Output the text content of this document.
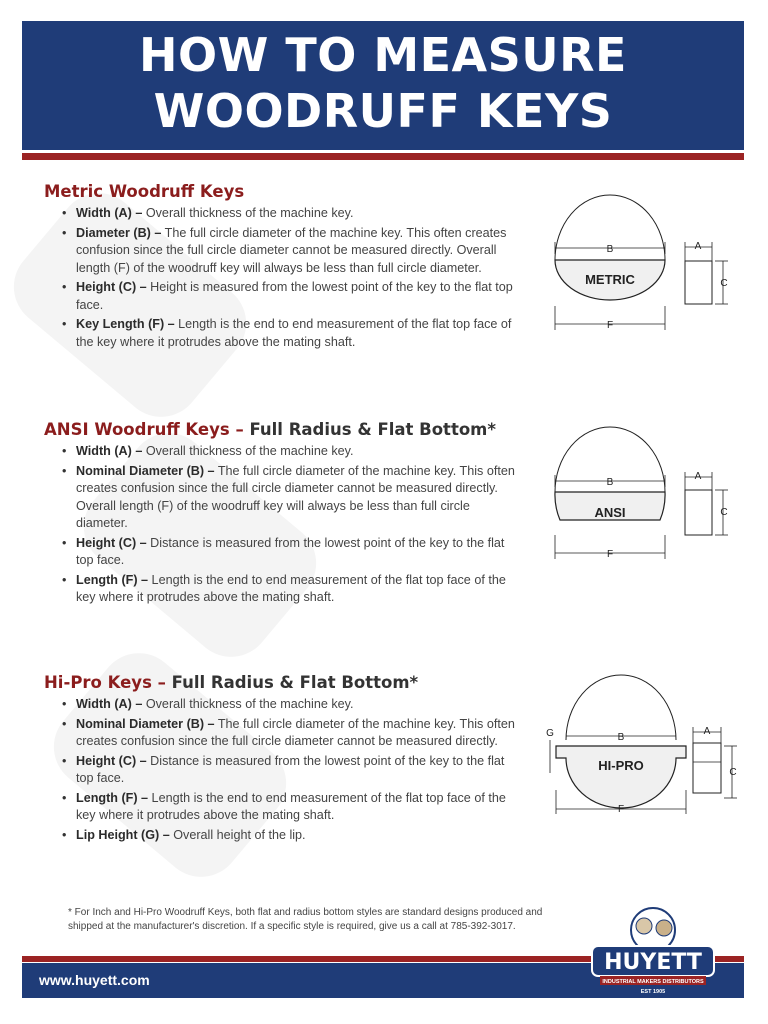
HOW TO MEASURE
WOODRUFF KEYS
Metric Woodruff Keys
• Width (A) – Overall thickness of the machine key.
• Diameter (B) – The full circle diameter of the machine key. This often creates confusion since the full circle diameter cannot be measured directly. Overall length (F) of the woodruff key will always be less than full circle diameter.
• Height (C) – Height is measured from the lowest point of the key to the flat top face.
• Key Length (F) – Length is the end to end measurement of the flat top face of the key where it protrudes above the mating shaft.
ANSI Woodruff Keys – Full Radius & Flat Bottom*
• Width (A) – Overall thickness of the machine key.
• Nominal Diameter (B) – The full circle diameter of the machine key. This often creates confusion since the full circle diameter cannot be measured directly. Overall length (F) of the woodruff key will always be less than full circle diameter.
• Height (C) – Distance is measured from the lowest point of the key to the flat top face.
• Length (F) – Length is the end to end measurement of the flat top face of the key where it protrudes above the mating shaft.
Hi-Pro Keys – Full Radius & Flat Bottom*
• Width (A) – Overall thickness of the machine key.
• Nominal Diameter (B) – The full circle diameter of the machine key. This often creates confusion since the full circle diameter cannot be measured directly.
• Height (C) – Distance is measured from the lowest point of the key to the flat top face.
• Length (F) – Length is the end to end measurement of the flat top face of the key where it protrudes above the mating shaft.
• Lip Height (G) – Overall height of the lip.
B
METRIC
F
A
C
B
ANSI
F
A
C
B
HI-PRO
G
F
A
C
* For Inch and Hi-Pro Woodruff Keys, both flat and radius bottom styles are standard designs produced and shipped at the manufacturer's discretion. If a specific style is required, give us a call at 785-392-3017.
www.huyett.com
HUYETT
INDUSTRIAL MAKERS DISTRIBUTORS
EST 1905
